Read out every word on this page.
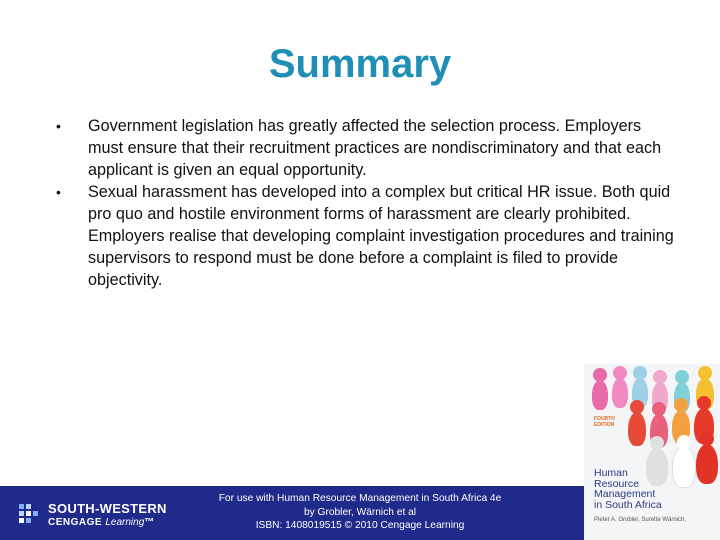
Summary
• Government legislation has greatly affected the selection process. Employers must ensure that their recruitment practices are nondiscriminatory and that each applicant is given an equal opportunity.
• Sexual harassment has developed into a complex but critical HR issue. Both quid pro quo and hostile environment forms of harassment are clearly prohibited. Employers realise that developing complaint investigation procedures and training supervisors to respond must be done before a complaint is filed to provide objectivity.
FOURTH EDITION
Human
Resource
Management
in South Africa
Pieter A. Grobler, Surette Wärnich,
SOUTH-WESTERN
CENGAGE Learning™
For use with Human Resource Management in South Africa 4e
by Grobler, Wärnich et al
ISBN: 1408019515 © 2010 Cengage Learning
